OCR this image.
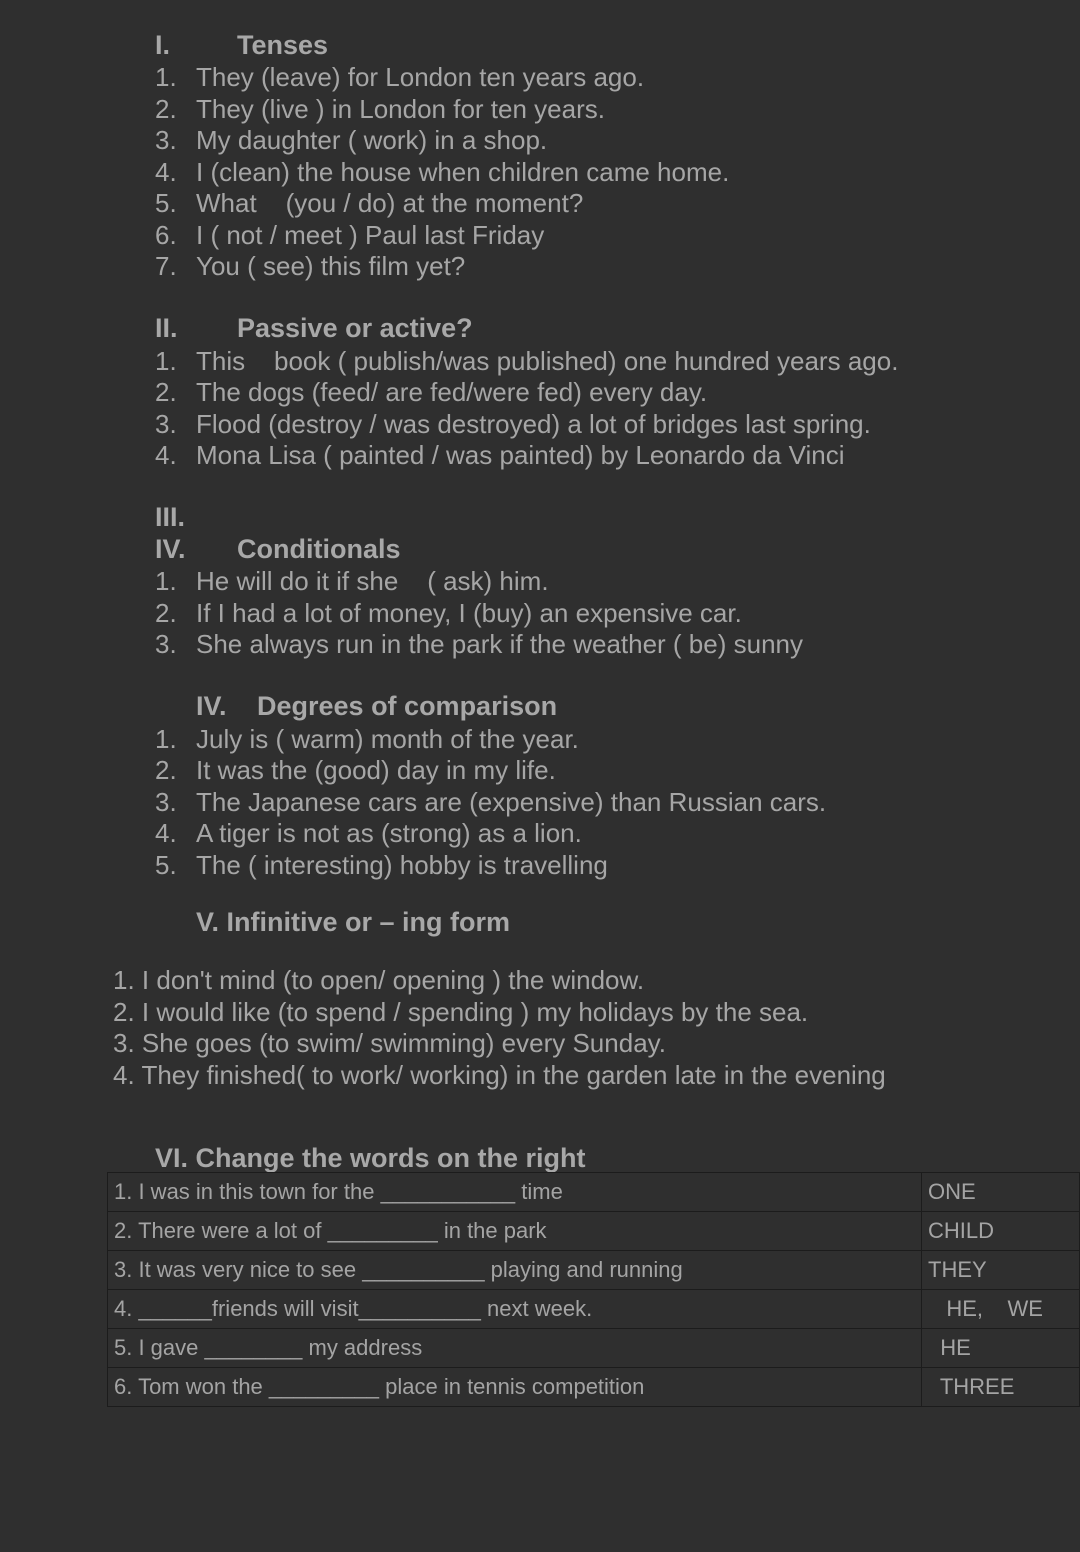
I. Tenses
1. They (leave) for London ten years ago.
2. They (live ) in London for ten years.
3. My daughter ( work) in a shop.
4. I (clean) the house when children came home.
5. What    (you / do) at the moment?
6. I ( not / meet ) Paul last Friday
7. You ( see) this film yet?
II. Passive or active?
1. This    book ( publish/was published) one hundred years ago.
2. The dogs (feed/ are fed/were fed) every day.
3. Flood (destroy / was destroyed) a lot of bridges last spring.
4. Mona Lisa ( painted / was painted) by Leonardo da Vinci
III.
IV. Conditionals
1. He will do it if she    ( ask) him.
2. If I had a lot of money, I (buy) an expensive car.
3. She always run in the park if the weather ( be) sunny
IV. Degrees of comparison
1. July is ( warm) month of the year.
2. It was the (good) day in my life.
3. The Japanese cars are (expensive) than Russian cars.
4. A tiger is not as (strong) as a lion.
5. The ( interesting) hobby is travelling
V. Infinitive or – ing form
1. I don't mind (to open/ opening ) the window.
2. I would like (to spend / spending ) my holidays by the sea.
3. She goes (to swim/ swimming) every Sunday.
4. They finished( to work/ working) in the garden late in the evening
VI. Change the words on the right
1. I was in this town for the ___________ time	ONE
2. There were a lot of _________ in the park	CHILD
3. It was very nice to see __________ playing and running	THEY
4. ______friends will visit__________ next week.	HE,    WE
5. I gave ________ my address	HE
6. Tom won the _________ place in tennis competition	THREE
